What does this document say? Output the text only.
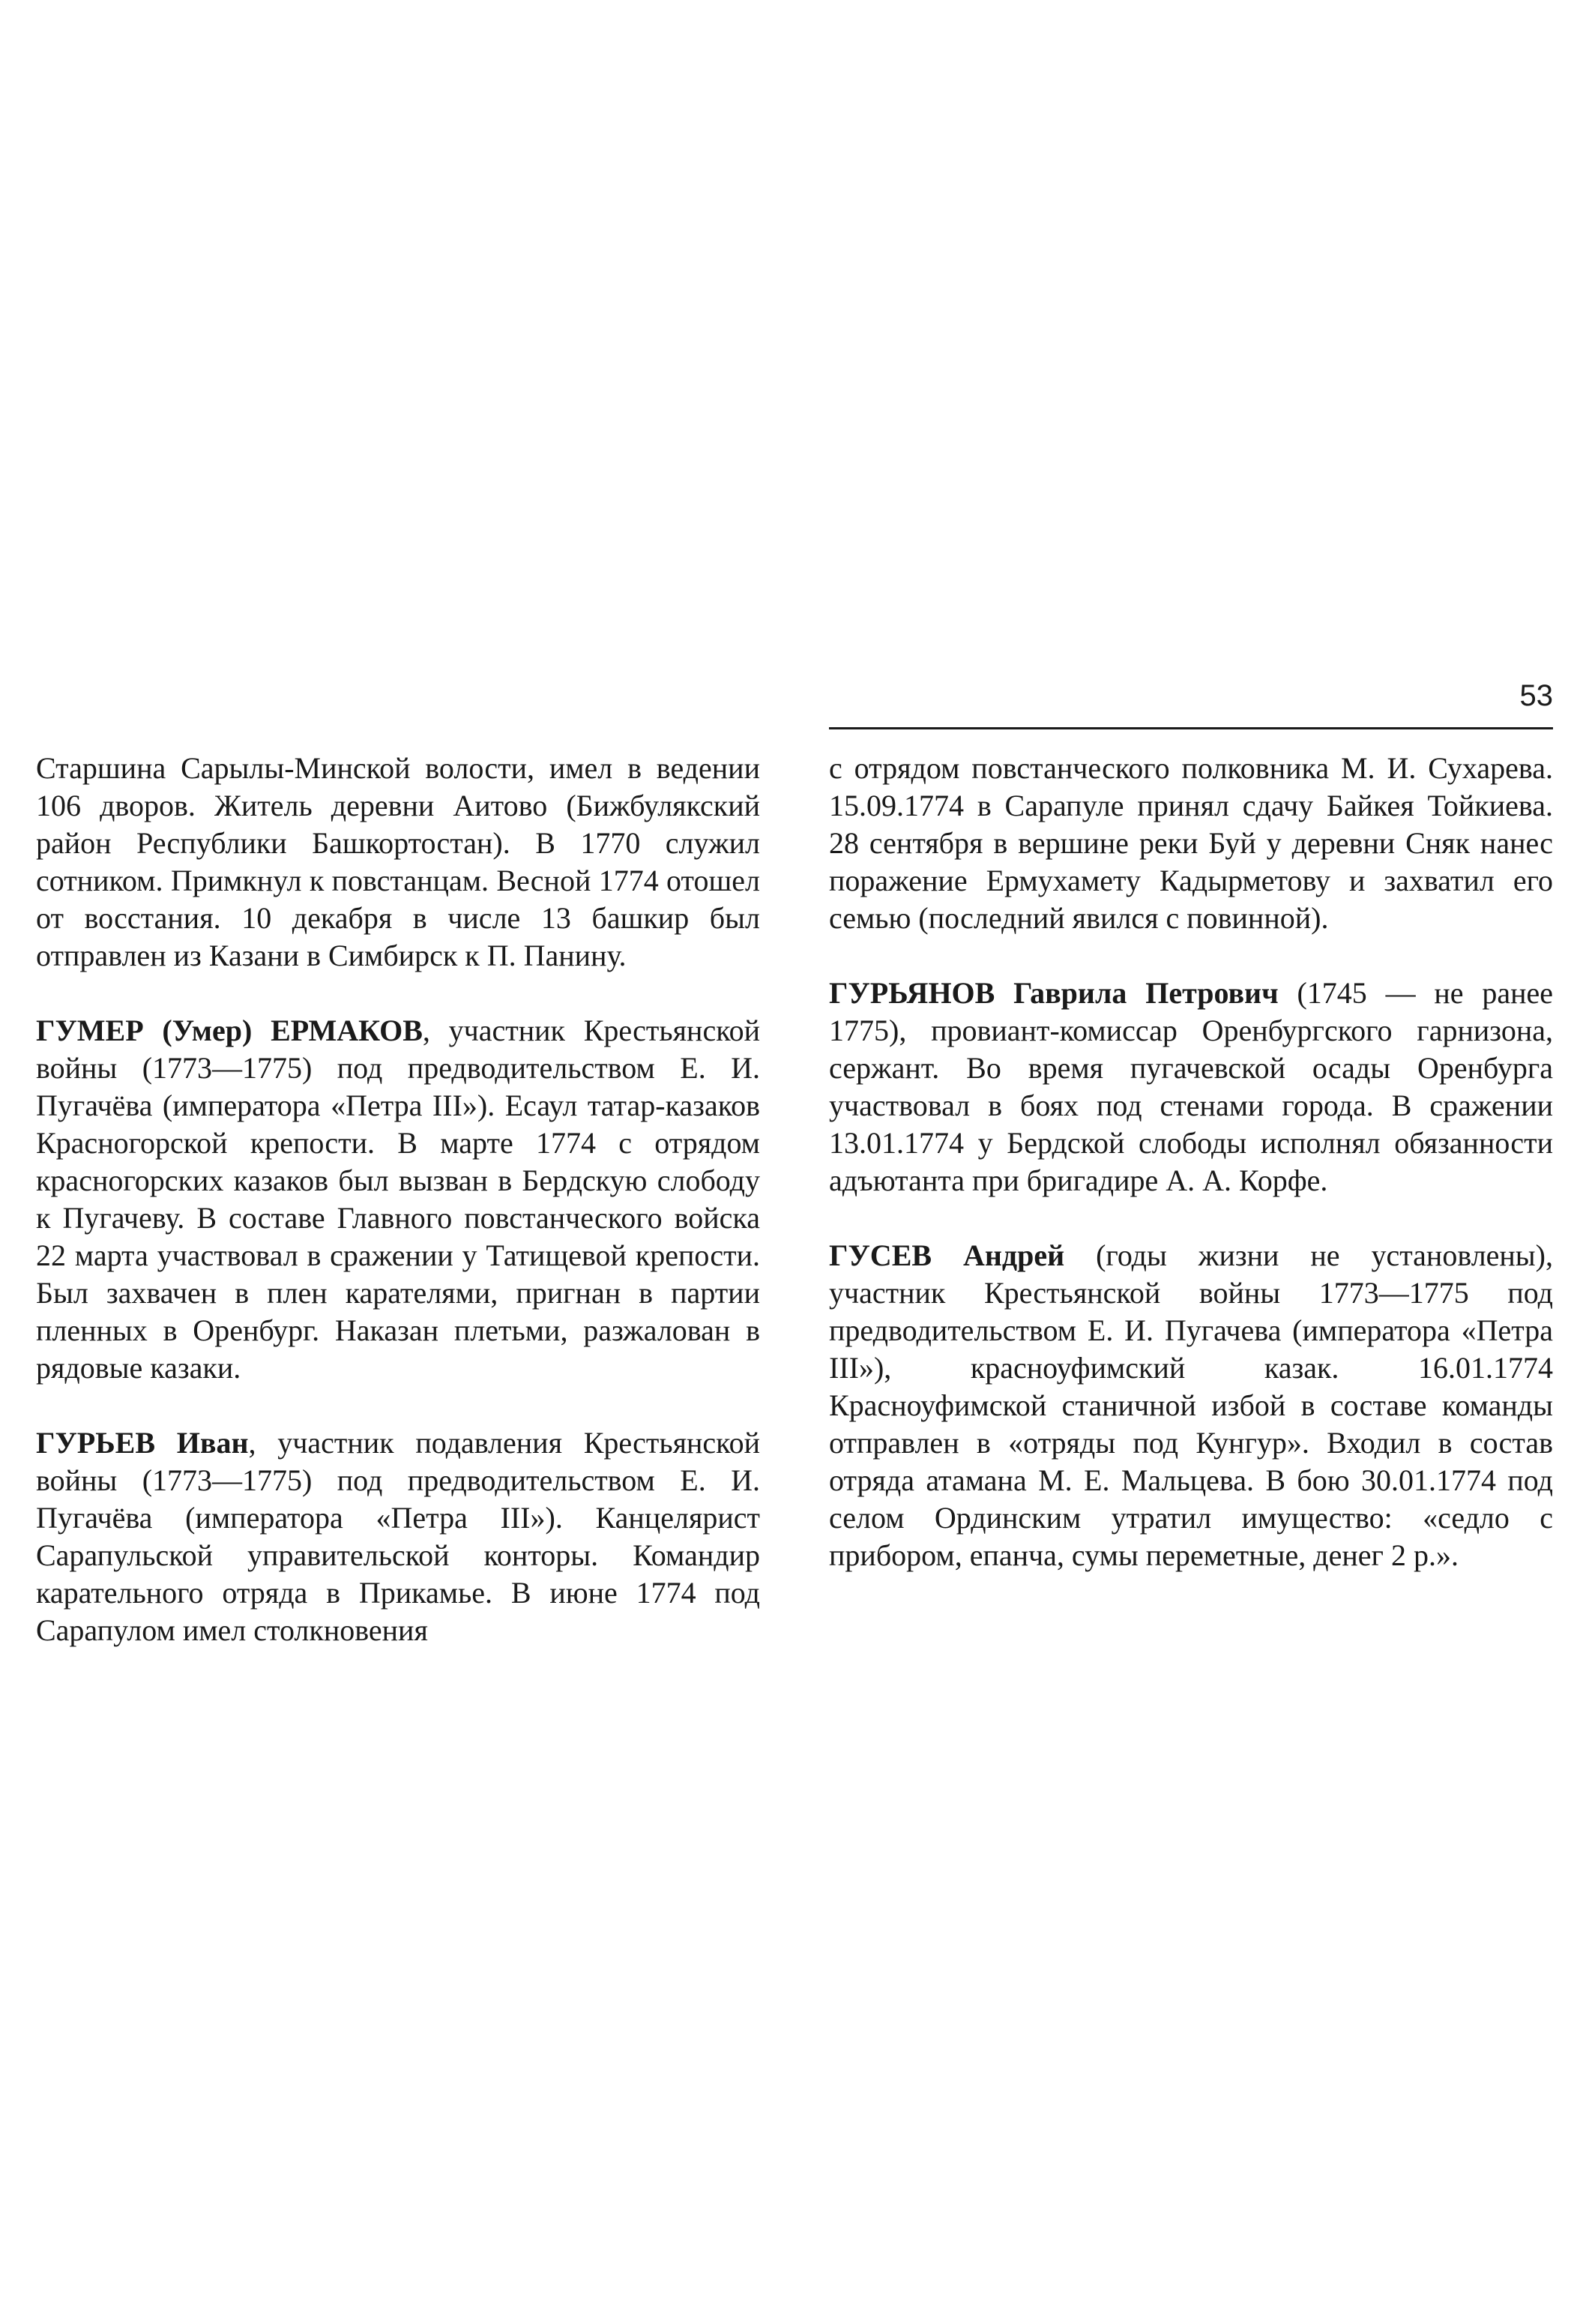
53

Старшина Сарылы-Минской волости, имел в ведении 106 дворов. Житель деревни Аитово (Бижбулякский район Республики Башкортостан). В 1770 служил сотником. Примкнул к повстанцам. Весной 1774 отошел от восстания. 10 декабря в числе 13 башкир был отправлен из Казани в Симбирск к П. Панину.

ГУМЕР (Умер) ЕРМАКОВ, участник Крестьянской войны (1773—1775) под предводительством Е. И. Пугачёва (императора «Петра III»). Есаул татар-казаков Красногорской крепости. В марте 1774 с отрядом красногорских казаков был вызван в Бердскую слободу к Пугачеву. В составе Главного повстанческого войска 22 марта участвовал в сражении у Татищевой крепости. Был захвачен в плен карателями, пригнан в партии пленных в Оренбург. Наказан плетьми, разжалован в рядовые казаки.

ГУРЬЕВ Иван, участник подавления Крестьянской войны (1773—1775) под предводительством Е. И. Пугачёва (императора «Петра III»). Канцелярист Сарапульской управительской конторы. Командир карательного отряда в Прикамье. В июне 1774 под Сарапулом имел столкновения

с отрядом повстанческого полковника М. И. Сухарева. 15.09.1774 в Сарапуле принял сдачу Байкея Тойкиева. 28 сентября в вершине реки Буй у деревни Сняк нанес поражение Ермухамету Кадырметову и захватил его семью (последний явился с повинной).

ГУРЬЯНОВ Гаврила Петрович (1745 — не ранее 1775), провиант-комиссар Оренбургского гарнизона, сержант. Во время пугачевской осады Оренбурга участвовал в боях под стенами города. В сражении 13.01.1774 у Бердской слободы исполнял обязанности адъютанта при бригадире А. А. Корфе.

ГУСЕВ Андрей (годы жизни не установлены), участник Крестьянской войны 1773—1775 под предводительством Е. И. Пугачева (императора «Петра III»), красноуфимский казак. 16.01.1774 Красноуфимской станичной избой в составе команды отправлен в «отряды под Кунгур». Входил в состав отряда атамана М. Е. Мальцева. В бою 30.01.1774 под селом Ординским утратил имущество: «седло с прибором, епанча, сумы переметные, денег 2 р.».
